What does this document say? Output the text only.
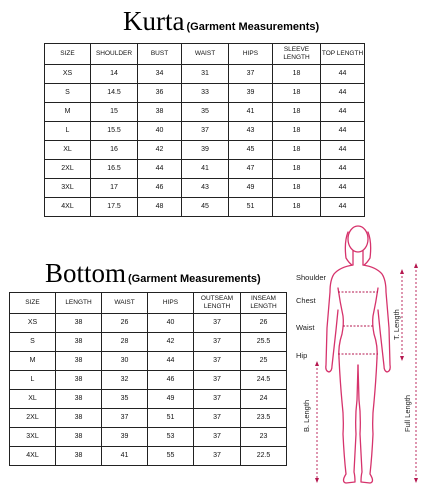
Kurta (Garment Measurements)
SIZE	SHOULDER	BUST	WAIST	HIPS	SLEEVE LENGTH	TOP LENGTH
XS	14	34	31	37	18	44
S	14.5	36	33	39	18	44
M	15	38	35	41	18	44
L	15.5	40	37	43	18	44
XL	16	42	39	45	18	44
2XL	16.5	44	41	47	18	44
3XL	17	46	43	49	18	44
4XL	17.5	48	45	51	18	44
Bottom (Garment Measurements)
SIZE	LENGTH	WAIST	HIPS	OUTSEAM LENGTH	INSEAM LENGTH
XS	38	26	40	37	26
S	38	28	42	37	25.5
M	38	30	44	37	25
L	38	32	46	37	24.5
XL	38	35	49	37	24
2XL	38	37	51	37	23.5
3XL	38	39	53	37	23
4XL	38	41	55	37	22.5
Shoulder
Chest
Waist
Hip
T. Length
B. Length	Full Length
